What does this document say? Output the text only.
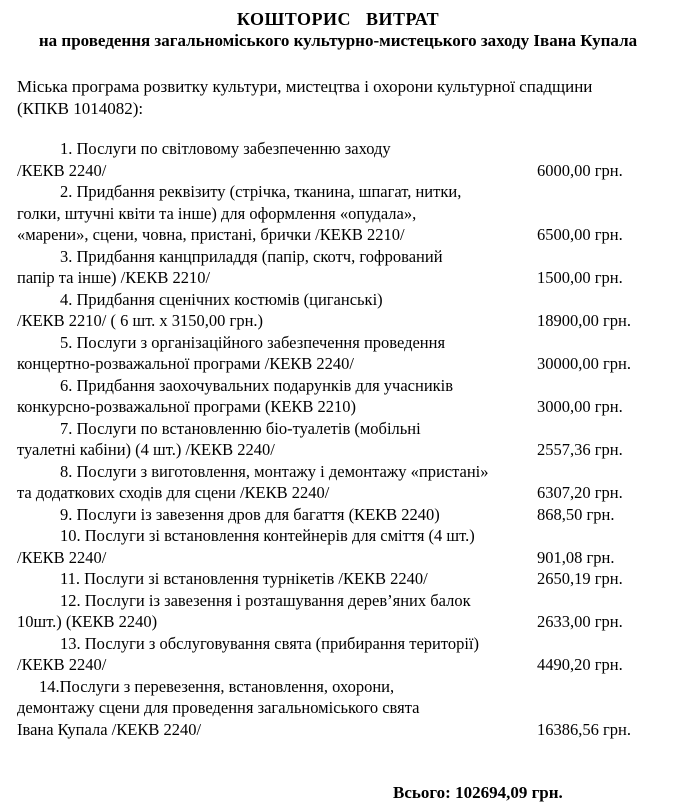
КОШТОРИС   ВИТРАТ
на проведення загальноміського культурно-мистецького заходу Івана Купала
Міська програма розвитку культури, мистецтва і охорони культурної спадщини
(КПКВ 1014082):
1. Послуги по світловому забезпеченню заходу
/КЕКВ 2240/	6000,00 грн.
2. Придбання реквізиту (стрічка, тканина, шпагат, нитки,
голки, штучні квіти та інше) для оформлення «опудала»,
«марени», сцени, човна, пристані, брички /КЕКВ 2210/	6500,00 грн.
3. Придбання канцприладдя (папір, скотч, гофрований
папір та інше) /КЕКВ 2210/	1500,00 грн.
4. Придбання сценічних костюмів (циганські)
/КЕКВ 2210/ ( 6 шт. х 3150,00 грн.)	18900,00 грн.
5. Послуги з організаційного забезпечення проведення
концертно-розважальної програми /КЕКВ 2240/	30000,00 грн.
6. Придбання заохочувальних подарунків для учасників
конкурсно-розважальної програми (КЕКВ 2210)	3000,00 грн.
7. Послуги по встановленню біо-туалетів (мобільні
туалетні кабіни) (4 шт.) /КЕКВ 2240/	2557,36 грн.
8. Послуги з виготовлення, монтажу і демонтажу «пристані»
та додаткових сходів для сцени /КЕКВ 2240/	6307,20 грн.
9. Послуги із завезення дров для багаття (КЕКВ 2240)	868,50 грн.
10. Послуги зі встановлення контейнерів для сміття (4 шт.)
/КЕКВ 2240/	901,08 грн.
11. Послуги зі встановлення турнікетів /КЕКВ 2240/	2650,19 грн.
12. Послуги із завезення і розташування дерев’яних балок
10шт.) (КЕКВ 2240)	2633,00 грн.
13. Послуги з обслуговування свята (прибирання території)
/КЕКВ 2240/	4490,20 грн.
14.Послуги з перевезення, встановлення, охорони,
демонтажу сцени для проведення загальноміського свята
Івана Купала /КЕКВ 2240/	16386,56 грн.
Всього: 102694,09 грн.
